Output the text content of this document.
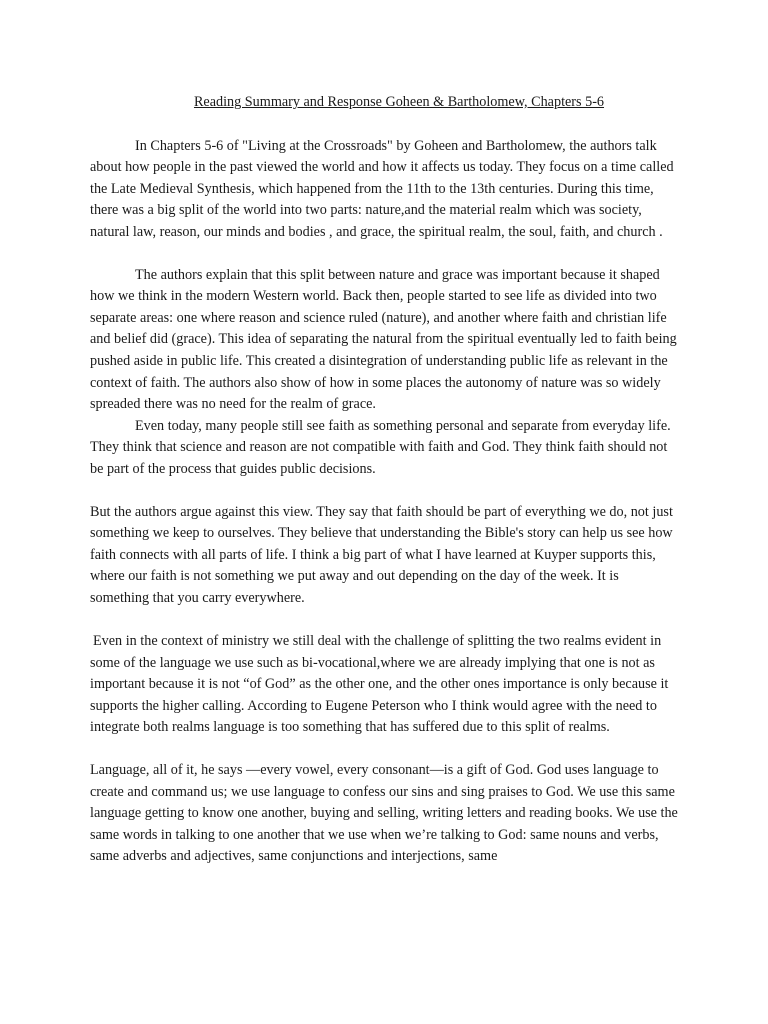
Reading Summary and Response Goheen & Bartholomew, Chapters 5-6

In Chapters 5-6 of "Living at the Crossroads" by Goheen and Bartholomew, the authors talk about how people in the past viewed the world and how it affects us today. They focus on a time called the Late Medieval Synthesis, which happened from the 11th to the 13th centuries. During this time, there was a big split of the world into two parts: nature,and the material realm which was society, natural law, reason, our minds and bodies , and grace, the spiritual realm, the soul, faith, and church .

The authors explain that this split between nature and grace was important because it shaped how we think in the modern Western world. Back then, people started to see life as divided into two separate areas: one where reason and science ruled (nature), and another where faith and christian life and belief did (grace). This idea of separating the natural from the spiritual eventually led to faith being pushed aside in public life. This created a disintegration of understanding public life as relevant in the context of faith. The authors also show of how in some places the autonomy of nature was so widely spreaded there was no need for the realm of grace.

Even today, many people still see faith as something personal and separate from everyday life. They think that science and reason are not compatible with faith and God. They think faith should not be part of the process that guides public decisions.

But the authors argue against this view. They say that faith should be part of everything we do, not just something we keep to ourselves. They believe that understanding the Bible's story can help us see how faith connects with all parts of life. I think a big part of what I have learned at Kuyper supports this, where our faith is not something we put away and out depending on the day of the week. It is something that you carry everywhere.

Even in the context of ministry we still deal with the challenge of splitting the two realms evident in some of the language we use such as bi-vocational,where we are already implying that one is not as important because it is not “of God” as the other one, and the other ones importance is only because it supports the higher calling. According to Eugene Peterson who I think would agree with the need to integrate both realms language is too something that has suffered due to this split of realms.

Language, all of it, he says —every vowel, every consonant—is a gift of God. God uses language to create and command us; we use language to confess our sins and sing praises to God. We use this same language getting to know one another, buying and selling, writing letters and reading books. We use the same words in talking to one another that we use when we’re talking to God: same nouns and verbs, same adverbs and adjectives, same conjunctions and interjections, same
